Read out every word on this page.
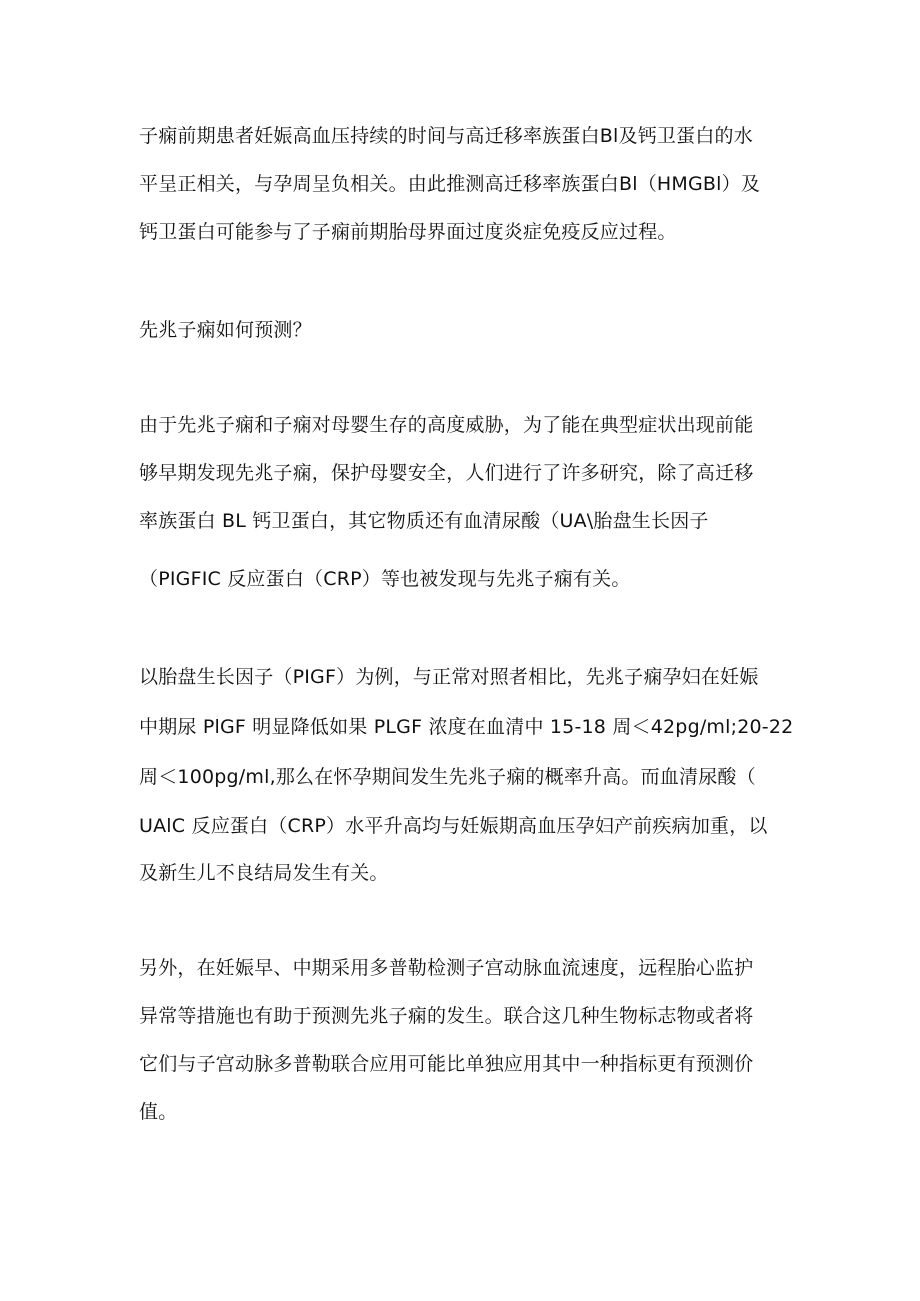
子痫前期患者妊娠高血压持续的时间与高迁移率族蛋白Bl及钙卫蛋白的水
平呈正相关，与孕周呈负相关。由此推测高迁移率族蛋白Bl（HMGBl）及
钙卫蛋白可能参与了子痫前期胎母界面过度炎症免疫反应过程。
先兆子痫如何预测？
由于先兆子痫和子痫对母婴生存的高度威胁，为了能在典型症状出现前能
够早期发现先兆子痫，保护母婴安全，人们进行了许多研究，除了高迁移
率族蛋白 BL 钙卫蛋白，其它物质还有血清尿酸（UA\胎盘生长因子
（PIGFIC 反应蛋白（CRP）等也被发现与先兆子痫有关。
以胎盘生长因子（PIGF）为例，与正常对照者相比，先兆子痫孕妇在妊娠
中期尿 PlGF 明显降低如果 PLGF 浓度在血清中 15-18 周＜42pg/ml;20-22
周＜100pg∕ml,那么在怀孕期间发生先兆子痫的概率升高。而血清尿酸（
UAlC 反应蛋白（CRP）水平升高均与妊娠期高血压孕妇产前疾病加重，以
及新生儿不良结局发生有关。
另外，在妊娠早、中期采用多普勒检测子宫动脉血流速度，远程胎心监护
异常等措施也有助于预测先兆子痫的发生。联合这几种生物标志物或者将
它们与子宫动脉多普勒联合应用可能比单独应用其中一种指标更有预测价
值。
